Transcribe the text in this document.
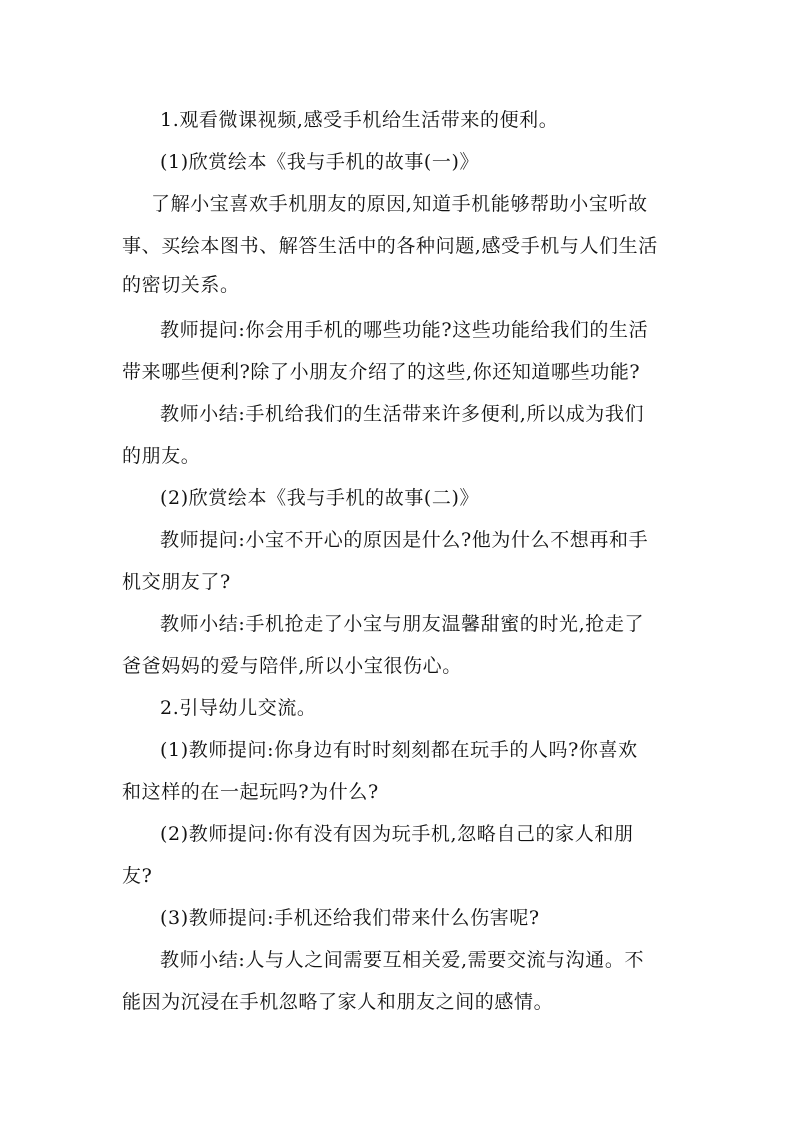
1.观看微课视频,感受手机给生活带来的便利。
(1)欣赏绘本《我与手机的故事(一)》
了解小宝喜欢手机朋友的原因,知道手机能够帮助小宝听故
事、买绘本图书、解答生活中的各种问题,感受手机与人们生活
的密切关系。
教师提问:你会用手机的哪些功能?这些功能给我们的生活
带来哪些便利?除了小朋友介绍了的这些,你还知道哪些功能?
教师小结:手机给我们的生活带来许多便利,所以成为我们
的朋友。
(2)欣赏绘本《我与手机的故事(二)》
教师提问:小宝不开心的原因是什么?他为什么不想再和手
机交朋友了?
教师小结:手机抢走了小宝与朋友温馨甜蜜的时光,抢走了
爸爸妈妈的爱与陪伴,所以小宝很伤心。
2.引导幼儿交流。
(1)教师提问:你身边有时时刻刻都在玩手的人吗?你喜欢
和这样的在一起玩吗?为什么?
(2)教师提问:你有没有因为玩手机,忽略自己的家人和朋
友?
(3)教师提问:手机还给我们带来什么伤害呢?
教师小结:人与人之间需要互相关爱,需要交流与沟通。不
能因为沉浸在手机忽略了家人和朋友之间的感情。
